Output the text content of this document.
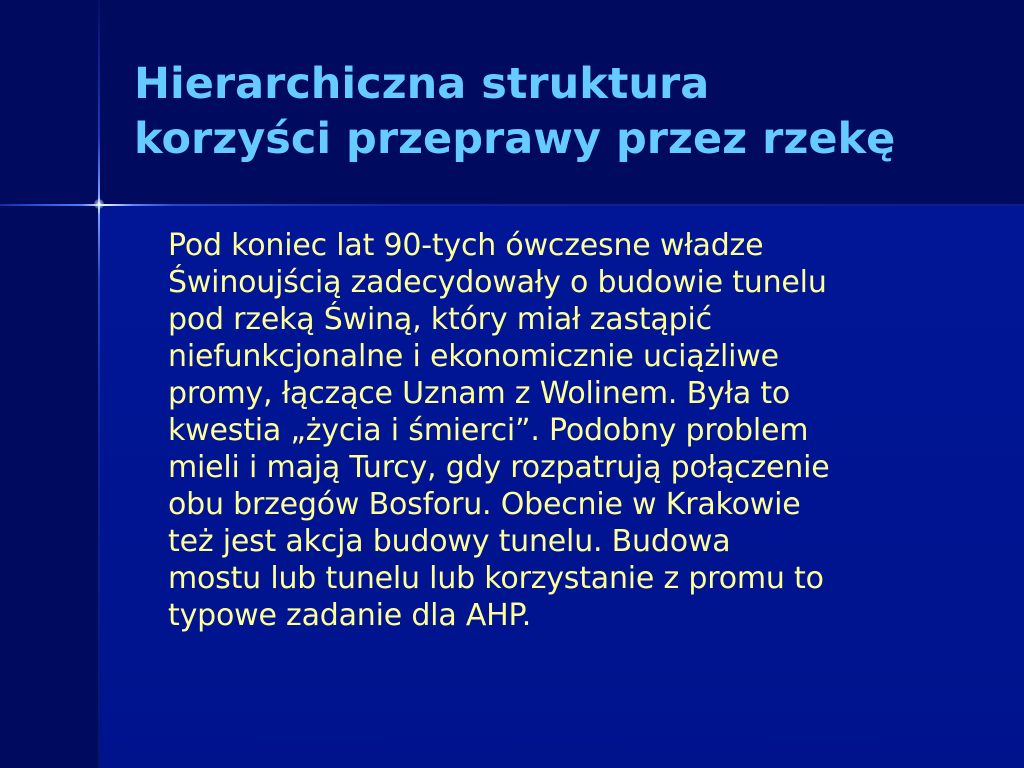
Hierarchiczna struktura
korzyści przeprawy przez rzekę

Pod koniec lat 90-tych ówczesne władze
Świnoujścią zadecydowały o budowie tunelu
pod rzeką Świną, który miał zastąpić
niefunkcjonalne i ekonomicznie uciążliwe
promy, łączące Uznam z Wolinem. Była to
kwestia „życia i śmierci”. Podobny problem
mieli i mają Turcy, gdy rozpatrują połączenie
obu brzegów Bosforu. Obecnie w Krakowie
też jest akcja budowy tunelu. Budowa
mostu lub tunelu lub korzystanie z promu to
typowe zadanie dla AHP.
